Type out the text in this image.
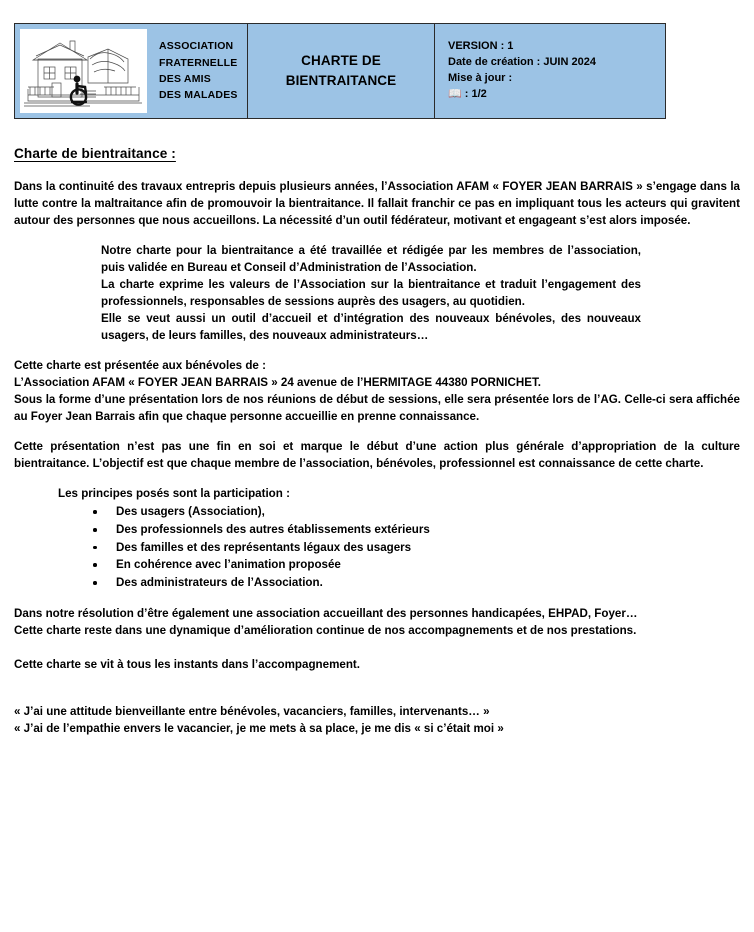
ASSOCIATION
FRATERNELLE
DES AMIS
DES MALADES

CHARTE DE
BIENTRAITANCE

VERSION : 1
Date de création : JUIN 2024
Mise à jour :
📖 : 1/2
Charte de bientraitance :

Dans la continuité des travaux entrepris depuis plusieurs années, l’Association AFAM « FOYER JEAN BARRAIS » s’engage dans la lutte contre la maltraitance afin de promouvoir la bientraitance. Il fallait franchir ce pas en impliquant tous les acteurs qui gravitent autour des personnes que nous accueillons. La nécessité d’un outil fédérateur, motivant et engageant s’est alors imposée.

Notre charte pour la bientraitance a été travaillée et rédigée par les membres de l’association, puis validée en Bureau et Conseil d’Administration de l’Association.

La charte exprime les valeurs de l’Association sur la bientraitance et traduit l’engagement des professionnels, responsables de sessions auprès des usagers, au quotidien.

Elle se veut aussi un outil d’accueil et d’intégration des nouveaux bénévoles, des nouveaux usagers, de leurs familles, des nouveaux administrateurs…

Cette charte est présentée aux bénévoles de :

L’Association AFAM « FOYER JEAN BARRAIS » 24 avenue de l’HERMITAGE 44380 PORNICHET.

Sous la forme d’une présentation lors de nos réunions de début de sessions, elle sera présentée lors de l’AG. Celle-ci sera affichée au Foyer Jean Barrais afin que chaque personne accueillie en prenne connaissance.

Cette présentation n’est pas une fin en soi et marque le début d’une action plus générale d’appropriation de la culture bientraitance. L’objectif est que chaque membre de l’association, bénévoles, professionnel est connaissance de cette charte.

Les principes posés sont la participation :

Des usagers (Association),
Des professionnels des autres établissements extérieurs
Des familles et des représentants légaux des usagers
En cohérence avec l’animation proposée
Des administrateurs de l’Association.

Dans notre résolution d’être également une association accueillant des personnes handicapées, EHPAD, Foyer…

Cette charte reste dans une dynamique d’amélioration continue de nos accompagnements et de nos prestations.

Cette charte se vit à tous les instants dans l’accompagnement.

« J’ai une attitude bienveillante entre bénévoles, vacanciers, familles, intervenants… »

« J’ai de l’empathie envers le vacancier, je me mets à sa place, je me dis « si c’était moi »
